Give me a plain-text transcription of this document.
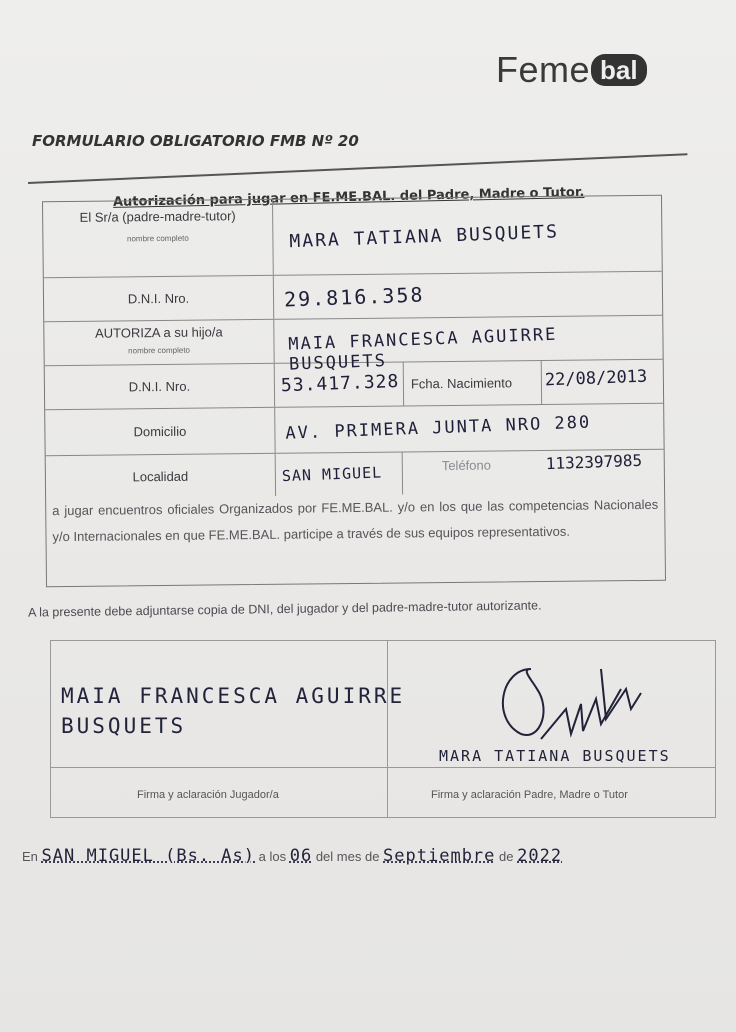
Feme bal
FORMULARIO OBLIGATORIO FMB Nº 20
Autorización para jugar en FE.ME.BAL. del Padre, Madre o Tutor.
El Sr/a (padre-madre-tutor)
nombre completo	MARA TATIANA BUSQUETS
D.N.I. Nro.	29.816.358
AUTORIZA a su hijo/a
nombre completo	MAIA FRANCESCA AGUIRRE BUSQUETS
D.N.I. Nro.	53.417.328 Fcha. Nacimiento 22/08/2013
Domicilio	AV. PRIMERA JUNTA NRO 280
Localidad	SAN MIGUEL	Teléfono	1132397985
a jugar encuentros oficiales Organizados por FE.ME.BAL. y/o en los que las competencias Nacionales y/o Internacionales en que FE.ME.BAL. participe a través de sus equipos representativos.
A la presente debe adjuntarse copia de DNI, del jugador y del padre-madre-tutor autorizante.
MAIA FRANCESCA AGUIRRE
BUSQUETS
MARA TATIANA BUSQUETS
Firma y aclaración Jugador/a	Firma y aclaración Padre, Madre o Tutor
En SAN MIGUEL (Bs. As) a los 06 del mes de Septiembre de 2022
